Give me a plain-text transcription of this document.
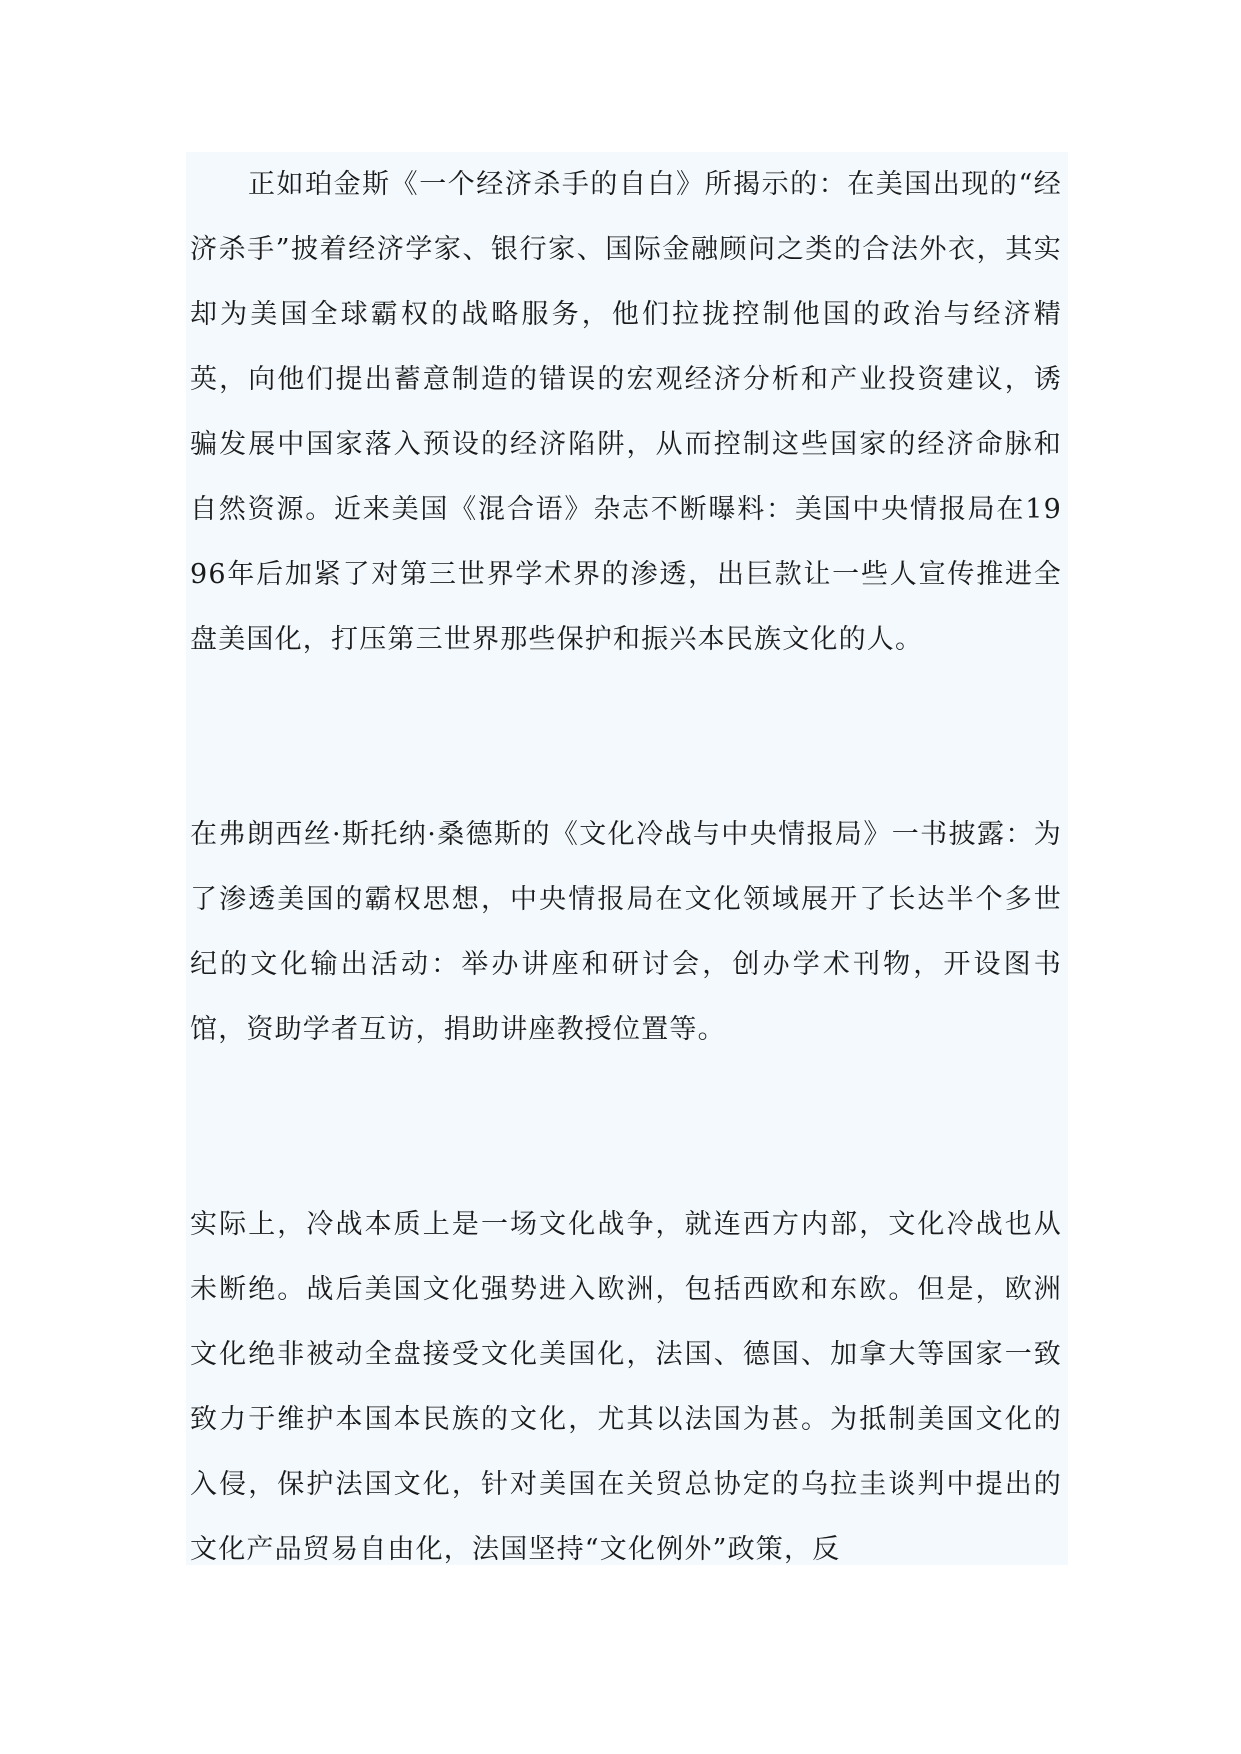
正如珀金斯《一个经济杀手的自白》所揭示的：在美国出现的“经济杀手”披着经济学家、银行家、国际金融顾问之类的合法外衣，其实却为美国全球霸权的战略服务，他们拉拢控制他国的政治与经济精英，向他们提出蓄意制造的错误的宏观经济分析和产业投资建议，诱骗发展中国家落入预设的经济陷阱，从而控制这些国家的经济命脉和自然资源。近来美国《混合语》杂志不断曝料：美国中央情报局在1996年后加紧了对第三世界学术界的渗透，出巨款让一些人宣传推进全盘美国化，打压第三世界那些保护和振兴本民族文化的人。

在弗朗西丝·斯托纳·桑德斯的《文化冷战与中央情报局》一书披露：为了渗透美国的霸权思想，中央情报局在文化领域展开了长达半个多世纪的文化输出活动：举办讲座和研讨会，创办学术刊物，开设图书馆，资助学者互访，捐助讲座教授位置等。

实际上，冷战本质上是一场文化战争，就连西方内部，文化冷战也从未断绝。战后美国文化强势进入欧洲，包括西欧和东欧。但是，欧洲文化绝非被动全盘接受文化美国化，法国、德国、加拿大等国家一致致力于维护本国本民族的文化，尤其以法国为甚。为抵制美国文化的入侵，保护法国文化，针对美国在关贸总协定的乌拉圭谈判中提出的文化产品贸易自由化，法国坚持“文化例外”政策，反
